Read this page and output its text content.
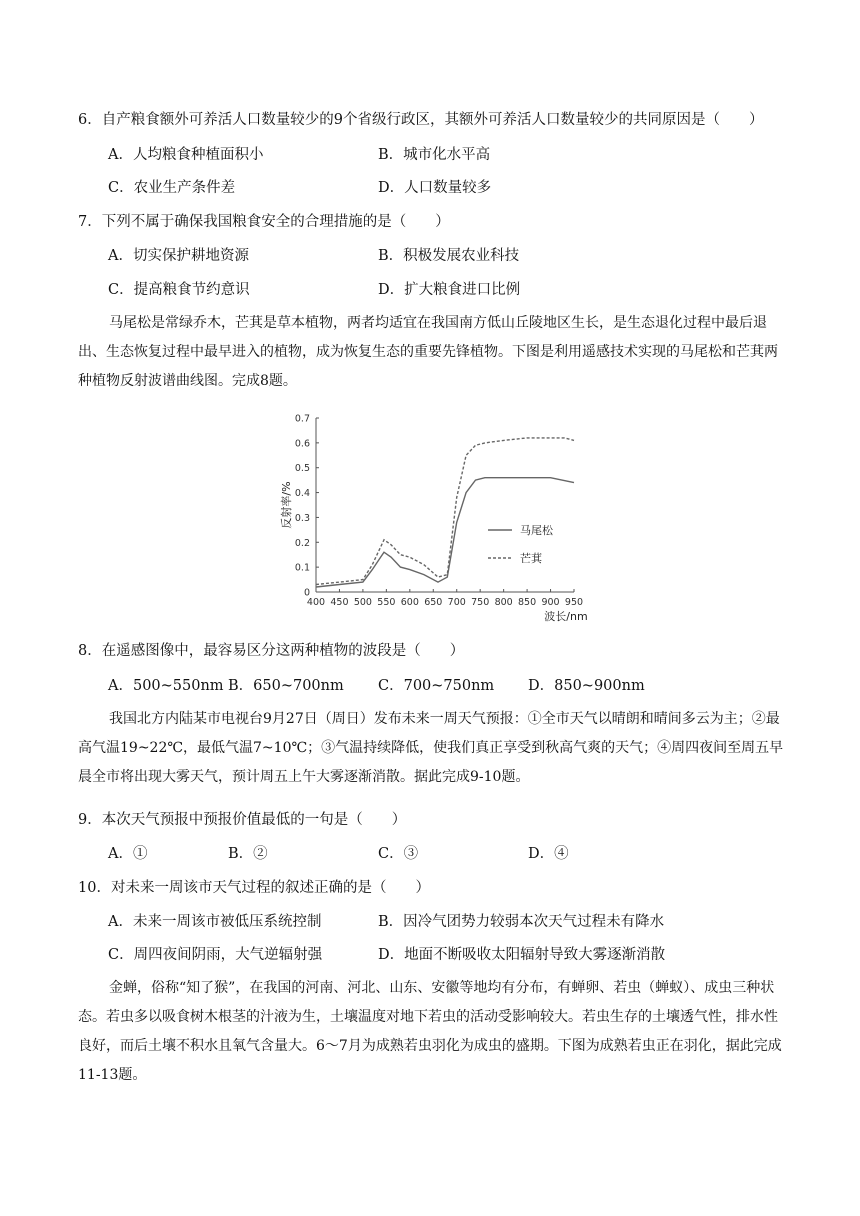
6．自产粮食额外可养活人口数量较少的9个省级行政区，其额外可养活人口数量较少的共同原因是（　　）
A．人均粮食种植面积小	B．城市化水平高
C．农业生产条件差	D．人口数量较多
7．下列不属于确保我国粮食安全的合理措施的是（　　）
A．切实保护耕地资源	B．积极发展农业科技
C．提高粮食节约意识	D．扩大粮食进口比例
马尾松是常绿乔木，芒萁是草本植物，两者均适宜在我国南方低山丘陵地区生长，是生态退化过程中最后退出、生态恢复过程中最早进入的植物，成为恢复生态的重要先锋植物。下图是利用遥感技术实现的马尾松和芒萁两种植物反射波谱曲线图。完成8题。
400 450 500 550 600 650 700 750 800 850 900 950
0
0.1
0.2
0.3
0.4
0.5
0.6
0.7
波长/nm
反射率/%
马尾松
芒萁
8．在遥感图像中，最容易区分这两种植物的波段是（　　）
A．500~550nm B．650~700nm C．700~750nm D．850~900nm
我国北方内陆某市电视台9月27日（周日）发布未来一周天气预报：①全市天气以晴朗和晴间多云为主；②最高气温19~22℃，最低气温7~10℃；③气温持续降低，使我们真正享受到秋高气爽的天气；④周四夜间至周五早晨全市将出现大雾天气，预计周五上午大雾逐渐消散。据此完成9-10题。
9．本次天气预报中预报价值最低的一句是（　　）
A．①	B．②	C．③	D．④
10．对未来一周该市天气过程的叙述正确的是（　　）
A．未来一周该市被低压系统控制	B．因冷气团势力较弱本次天气过程未有降水
C．周四夜间阴雨，大气逆辐射强	D．地面不断吸收太阳辐射导致大雾逐渐消散
金蝉，俗称“知了猴”，在我国的河南、河北、山东、安徽等地均有分布，有蝉卵、若虫（蝉蚁）、成虫三种状态。若虫多以吸食树木根茎的汁液为生，土壤温度对地下若虫的活动受影响较大。若虫生存的土壤透气性，排水性良好，而后土壤不积水且氧气含量大。6～7月为成熟若虫羽化为成虫的盛期。下图为成熟若虫正在羽化，据此完成11-13题。
